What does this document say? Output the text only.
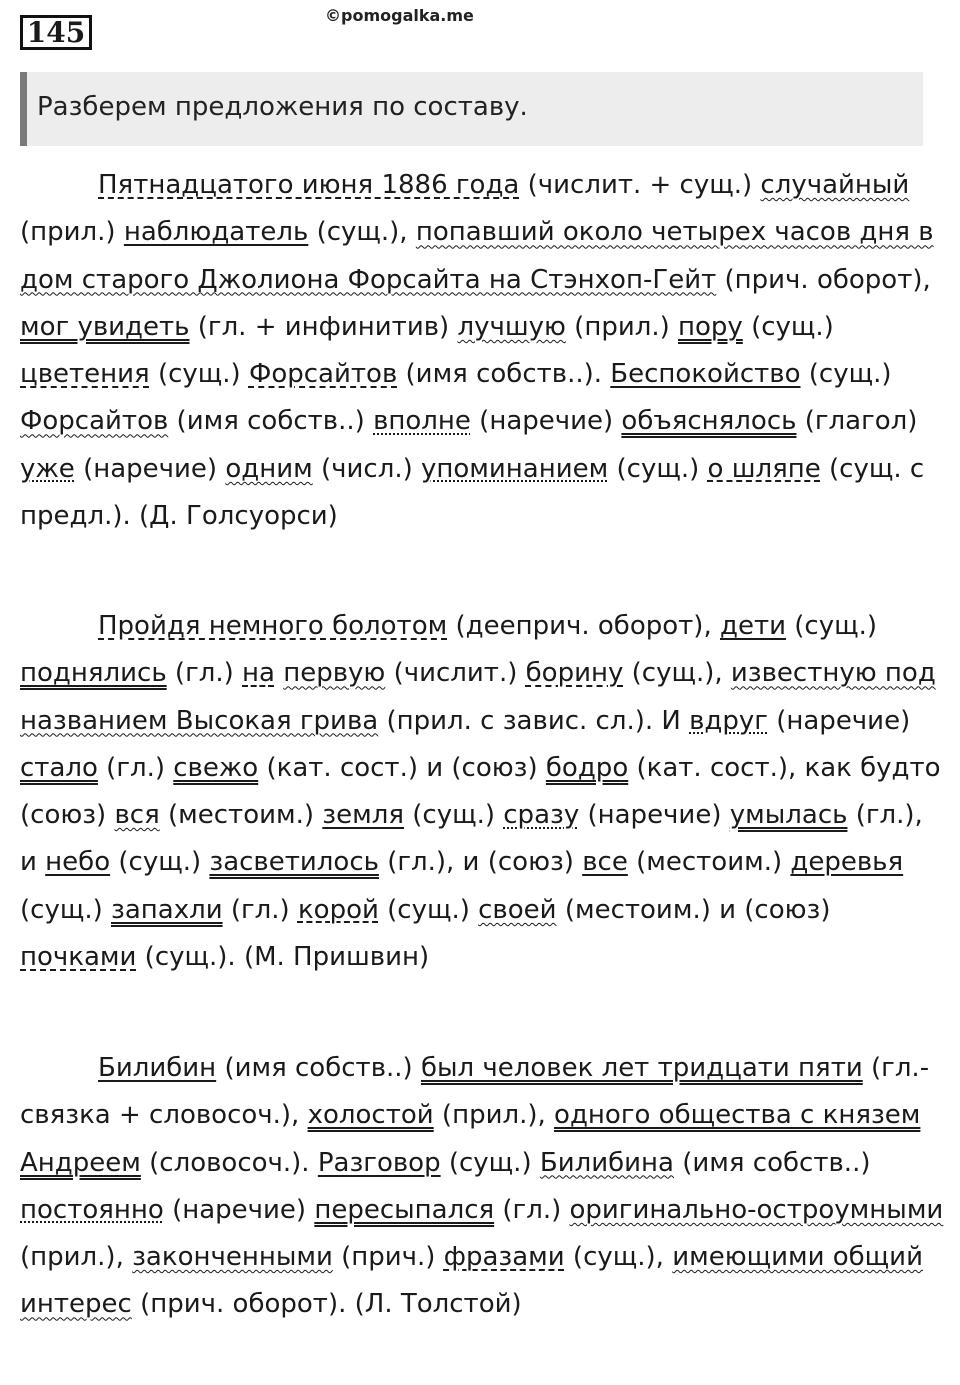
145
©pomogalka.me
Разберем предложения по составу.

Пятнадцатого июня 1886 года (числит. + сущ.) случайный (прил.) наблюдатель (сущ.), попавший около четырех часов дня в дом старого Джолиона Форсайта на Стэнхоп-Гейт (прич. оборот), мог увидеть (гл. + инфинитив) лучшую (прил.) пору (сущ.) цветения (сущ.) Форсайтов (имя собств..). Беспокойство (сущ.) Форсайтов (имя собств..) вполне (наречие) объяснялось (глагол) уже (наречие) одним (числ.) упоминанием (сущ.) о шляпе (сущ. с предл.). (Д. Голсуорси)

Пройдя немного болотом (дееприч. оборот), дети (сущ.) поднялись (гл.) на первую (числит.) борину (сущ.), известную под названием Высокая грива (прил. с завис. сл.). И вдруг (наречие) стало (гл.) свежо (кат. сост.) и (союз) бодро (кат. сост.), как будто (союз) вся (местоим.) земля (сущ.) сразу (наречие) умылась (гл.), и небо (сущ.) засветилось (гл.), и (союз) все (местоим.) деревья (сущ.) запахли (гл.) корой (сущ.) своей (местоим.) и (союз) почками (сущ.). (М. Пришвин)

Билибин (имя собств..) был человек лет тридцати пяти (гл.- связка + словосоч.), холостой (прил.), одного общества с князем Андреем (словосоч.). Разговор (сущ.) Билибина (имя собств..) постоянно (наречие) пересыпался (гл.) оригинально-остроумными (прил.), законченными (прич.) фразами (сущ.), имеющими общий интерес (прич. оборот). (Л. Толстой)
